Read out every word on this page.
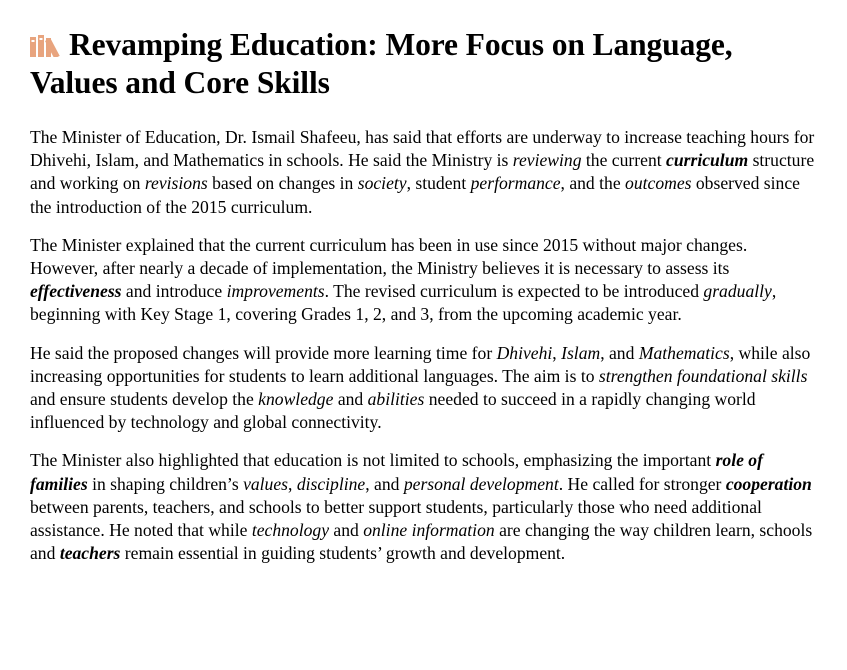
Revamping Education: More Focus on Language, Values and Core Skills

The Minister of Education, Dr. Ismail Shafeeu, has said that efforts are underway to increase teaching hours for Dhivehi, Islam, and Mathematics in schools. He said the Ministry is reviewing the current curriculum structure and working on revisions based on changes in society, student performance, and the outcomes observed since the introduction of the 2015 curriculum.

The Minister explained that the current curriculum has been in use since 2015 without major changes. However, after nearly a decade of implementation, the Ministry believes it is necessary to assess its effectiveness and introduce improvements. The revised curriculum is expected to be introduced gradually, beginning with Key Stage 1, covering Grades 1, 2, and 3, from the upcoming academic year.

He said the proposed changes will provide more learning time for Dhivehi, Islam, and Mathematics, while also increasing opportunities for students to learn additional languages. The aim is to strengthen foundational skills and ensure students develop the knowledge and abilities needed to succeed in a rapidly changing world influenced by technology and global connectivity.

The Minister also highlighted that education is not limited to schools, emphasizing the important role of families in shaping children’s values, discipline, and personal development. He called for stronger cooperation between parents, teachers, and schools to better support students, particularly those who need additional assistance. He noted that while technology and online information are changing the way children learn, schools and teachers remain essential in guiding students’ growth and development.
